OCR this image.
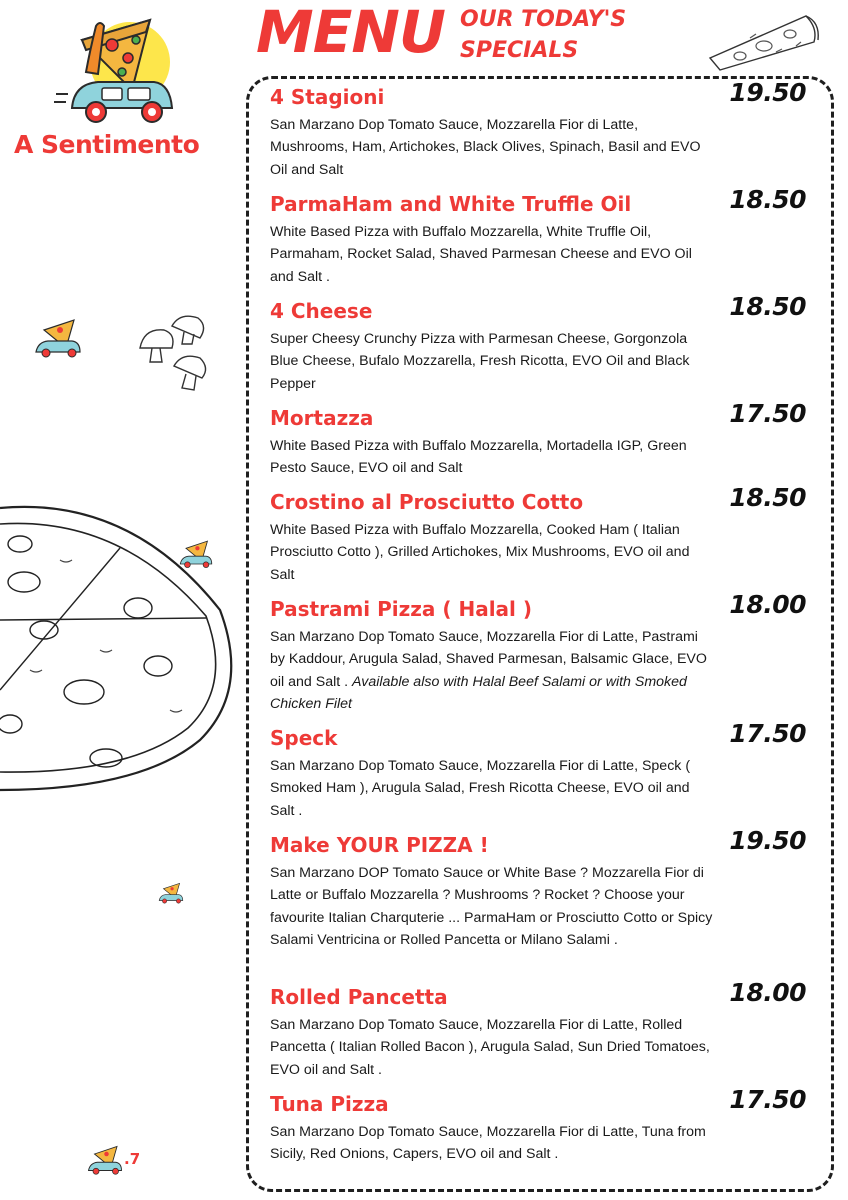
A Sentimento
MENU OUR TODAY'S SPECIALS
.7
4 Stagioni	19.50
San Marzano Dop Tomato Sauce, Mozzarella Fior di Latte, Mushrooms, Ham, Artichokes, Black Olives, Spinach, Basil and EVO Oil and Salt
ParmaHam and White Truffle Oil	18.50
White Based Pizza with Buffalo Mozzarella, White Truffle Oil, Parmaham, Rocket Salad, Shaved Parmesan Cheese and EVO Oil and Salt .
4 Cheese	18.50
Super Cheesy Crunchy Pizza with Parmesan Cheese, Gorgonzola Blue Cheese, Bufalo Mozzarella, Fresh Ricotta, EVO Oil and Black Pepper
Mortazza	17.50
White Based Pizza with Buffalo Mozzarella, Mortadella IGP, Green Pesto Sauce, EVO oil and Salt
Crostino al Prosciutto Cotto	18.50
White Based Pizza with Buffalo Mozzarella, Cooked Ham ( Italian Prosciutto Cotto ), Grilled Artichokes, Mix Mushrooms, EVO oil and Salt
Pastrami Pizza ( Halal )	18.00
San Marzano Dop Tomato Sauce, Mozzarella Fior di Latte, Pastrami by Kaddour, Arugula Salad, Shaved Parmesan, Balsamic Glace, EVO oil and Salt . Available also with Halal Beef Salami or with Smoked Chicken Filet
Speck	17.50
San Marzano Dop Tomato Sauce, Mozzarella Fior di Latte, Speck ( Smoked Ham ), Arugula Salad, Fresh Ricotta Cheese, EVO oil and Salt .
Make YOUR PIZZA !	19.50
San Marzano DOP Tomato Sauce or White Base ? Mozzarella Fior di Latte or Buffalo Mozzarella ? Mushrooms ? Rocket ? Choose your favourite Italian Charquterie ... ParmaHam or Prosciutto Cotto or Spicy Salami Ventricina or Rolled Pancetta or Milano Salami .
Rolled Pancetta	18.00
San Marzano Dop Tomato Sauce, Mozzarella Fior di Latte, Rolled Pancetta ( Italian Rolled Bacon ), Arugula Salad, Sun Dried Tomatoes, EVO oil and Salt .
Tuna Pizza	17.50
San Marzano Dop Tomato Sauce, Mozzarella Fior di Latte, Tuna from Sicily, Red Onions, Capers, EVO oil and Salt .
